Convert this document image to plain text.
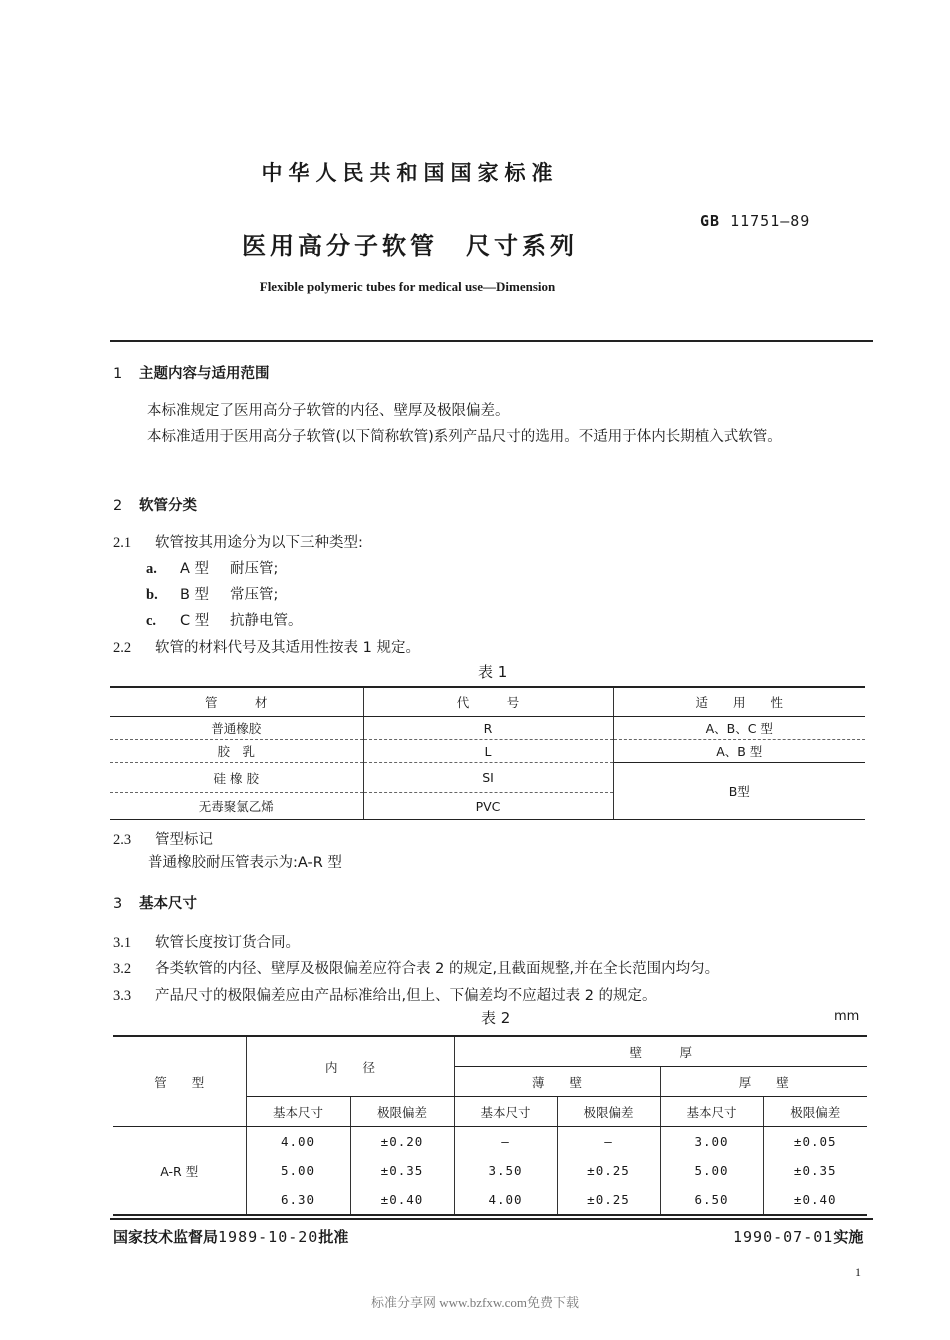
中华人民共和国国家标准
GB 11751—89
医用高分子软管 尺寸系列
Flexible polymeric tubes for medical use—Dimension
1 主题内容与适用范围
本标准规定了医用高分子软管的内径、壁厚及极限偏差。
本标准适用于医用高分子软管(以下简称软管)系列产品尺寸的选用。不适用于体内长期植入式软管。
2 软管分类
2.1 软管按其用途分为以下三种类型:
a. A 型 耐压管;
b. B 型 常压管;
c. C 型 抗静电管。
2.2 软管的材料代号及其适用性按表 1 规定。
表 1
管　　　材	代　　　号	适　　用　　性
普通橡胶	R	A、B、C 型
胶　乳	L	A、B 型
硅 橡 胶	SI	B型
无毒聚氯乙烯	PVC	
2.3 管型标记
普通橡胶耐压管表示为:A-R 型
3 基本尺寸
3.1 软管长度按订货合同。
3.2 各类软管的内径、壁厚及极限偏差应符合表 2 的规定,且截面规整,并在全长范围内均匀。
3.3 产品尺寸的极限偏差应由产品标准给出,但上、下偏差均不应超过表 2 的规定。
表 2	mm
管　　型	内　　径		壁　　　厚			
			薄　　壁		厚　　壁	
	基本尺寸	极限偏差	基本尺寸	极限偏差	基本尺寸	极限偏差
A-R 型	4.00	±0.20	—	—	3.00	±0.05
	5.00	±0.35	3.50	±0.25	5.00	±0.35
	6.30	±0.40	4.00	±0.25	6.50	±0.40
国家技术监督局1989-10-20批准	1990-07-01实施
1
标准分享网 www.bzfxw.com免费下载
